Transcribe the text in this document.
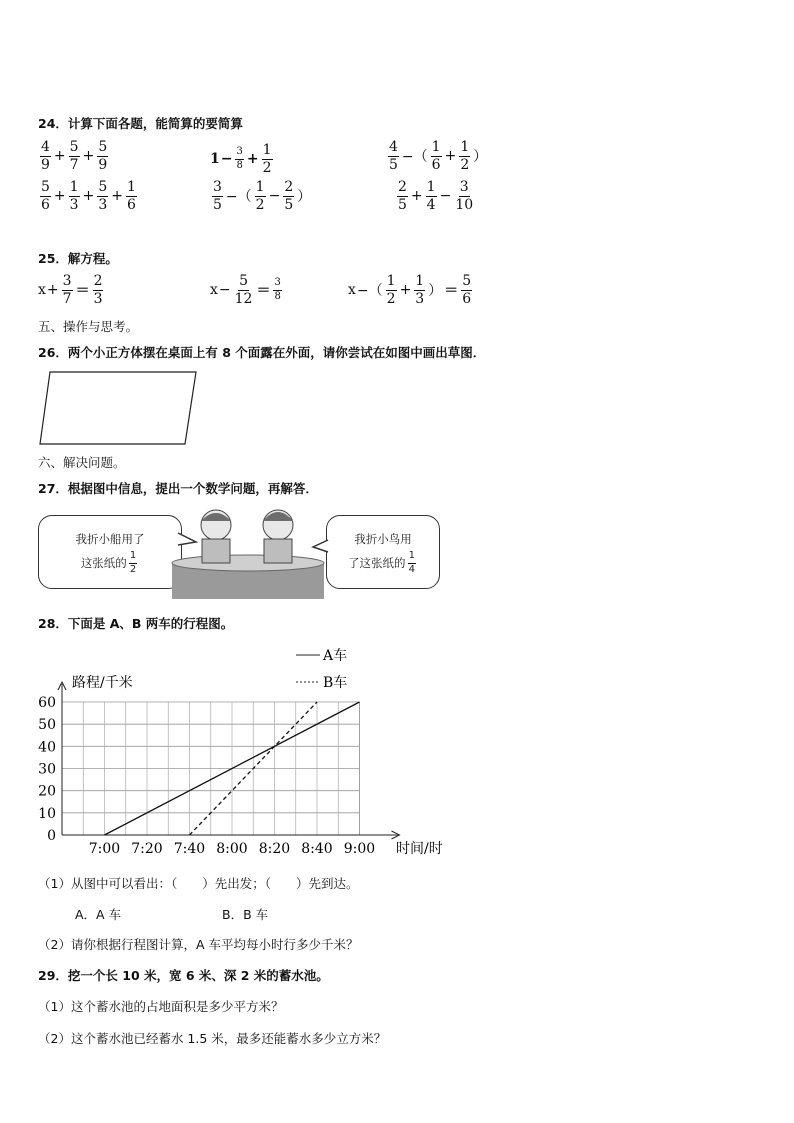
24．计算下面各题，能简算的要简算
$\frac{4}{9} + \frac{5}{7} + \frac{5}{9}$	$1 - \frac{3}{8} + \frac{1}{2}$	$\frac{4}{5}$ −（ $\frac{1}{6} + \frac{1}{2}$ ）
$\frac{5}{6} + \frac{1}{3} + \frac{5}{3} + \frac{1}{6}$	$\frac{3}{5}$ −（ $\frac{1}{2} - \frac{2}{5}$ ）	$\frac{2}{5} + \frac{1}{4} - \frac{3}{10}$
25．解方程。
$x + \frac{3}{7} = \frac{2}{3}$	$x - \frac{5}{12} = \frac{3}{8}$	x −（ $\frac{1}{2} + \frac{1}{3}$ ） ＝ $\frac{5}{6}$
五、操作与思考。
26．两个小正方体摆在桌面上有 8 个面露在外面，请你尝试在如图中画出草图．
六、解决问题。
27．根据图中信息，提出一个数学问题，再解答．
我折小船用了
这张纸的 $\frac{1}{2}$
我折小鸟用
了这张纸的 $\frac{1}{4}$
28．下面是 A、B 两车的行程图。
0
10
20
30
40
50
60
7:00 7:20 7:40 8:00 8:20 8:40 9:00
路程/千米
时间/时
A车
B车
（1）从图中可以看出：（　　）先出发；（　　）先到达。
A．A 车	B．B 车
（2）请你根据行程图计算，A 车平均每小时行多少千米？
29．挖一个长 10 米，宽 6 米、深 2 米的蓄水池。
（1）这个蓄水池的占地面积是多少平方米？
（2）这个蓄水池已经蓄水 1.5 米，最多还能蓄水多少立方米？
